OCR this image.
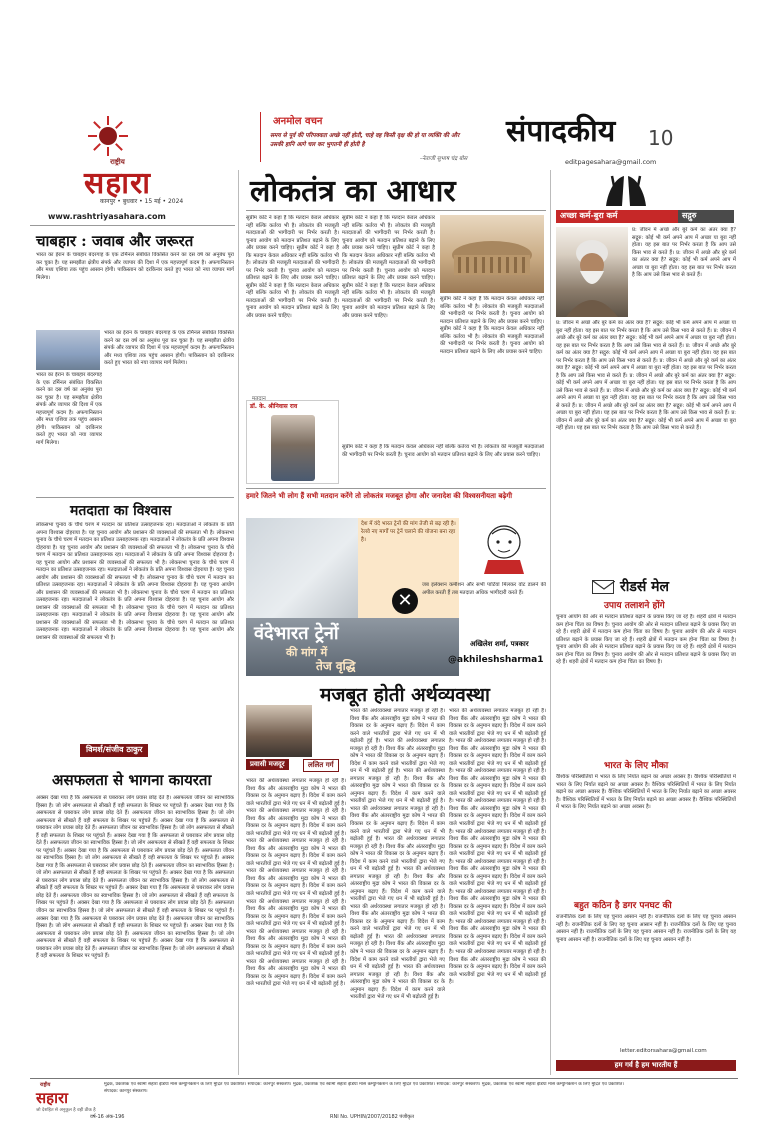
राष्ट्रीय
सहारा
कानपुर • बुधवार • 15 मई • 2024
www.rashtriyasahara.com
अनमोल वचन
समय से पूर्व की परिपक्वता अच्छे नहीं होती, चाहे वह किसी वृक्ष की हो या व्यक्ति की और उसकी हानि आगे चल कर भुगतनी ही होती है
-नेताजी सुभाष चंद्र बोस
संपादकीय 10
editpagesahara@gmail.com
चाबहार : जवाब और जरूरत
भारत का ईरान के चाबहार बंदरगाह के एक टर्मिनल संबंधित विकसित करने का दस वर्ष का अनुबंध पूरा कर चुका है। यह समझौता क्षेत्रीय संपर्क और व्यापार की दिशा में एक महत्त्वपूर्ण कदम है। अफगानिस्तान और मध्य एशिया तक पहुंच आसान होगी। पाकिस्तान को दरकिनार करते हुए भारत को नया व्यापार मार्ग मिलेगा।
भारत का ईरान के चाबहार बंदरगाह के एक टर्मिनल संबंधित विकसित करने का दस वर्ष का अनुबंध पूरा कर चुका है। यह समझौता क्षेत्रीय संपर्क और व्यापार की दिशा में एक महत्त्वपूर्ण कदम है। अफगानिस्तान और मध्य एशिया तक पहुंच आसान होगी। पाकिस्तान को दरकिनार करते हुए भारत को नया व्यापार मार्ग मिलेगा।
भारत का ईरान के चाबहार बंदरगाह के एक टर्मिनल संबंधित विकसित करने का दस वर्ष का अनुबंध पूरा कर चुका है। यह समझौता क्षेत्रीय संपर्क और व्यापार की दिशा में एक महत्त्वपूर्ण कदम है। अफगानिस्तान और मध्य एशिया तक पहुंच आसान होगी। पाकिस्तान को दरकिनार करते हुए भारत को नया व्यापार मार्ग मिलेगा।
मतदाता का विश्वास
लोकसभा चुनाव के चौथे चरण में मतदान का प्रतिशत उत्साहजनक रहा। मतदाताओं ने लोकतंत्र के प्रति अपना विश्वास दोहराया है। यह चुनाव आयोग और प्रशासन की व्यवस्थाओं की सफलता भी है। लोकसभा चुनाव के चौथे चरण में मतदान का प्रतिशत उत्साहजनक रहा। मतदाताओं ने लोकतंत्र के प्रति अपना विश्वास दोहराया है। यह चुनाव आयोग और प्रशासन की व्यवस्थाओं की सफलता भी है। लोकसभा चुनाव के चौथे चरण में मतदान का प्रतिशत उत्साहजनक रहा। मतदाताओं ने लोकतंत्र के प्रति अपना विश्वास दोहराया है। यह चुनाव आयोग और प्रशासन की व्यवस्थाओं की सफलता भी है। लोकसभा चुनाव के चौथे चरण में मतदान का प्रतिशत उत्साहजनक रहा। मतदाताओं ने लोकतंत्र के प्रति अपना विश्वास दोहराया है। यह चुनाव आयोग और प्रशासन की व्यवस्थाओं की सफलता भी है। लोकसभा चुनाव के चौथे चरण में मतदान का प्रतिशत उत्साहजनक रहा। मतदाताओं ने लोकतंत्र के प्रति अपना विश्वास दोहराया है। यह चुनाव आयोग और प्रशासन की व्यवस्थाओं की सफलता भी है। लोकसभा चुनाव के चौथे चरण में मतदान का प्रतिशत उत्साहजनक रहा। मतदाताओं ने लोकतंत्र के प्रति अपना विश्वास दोहराया है। यह चुनाव आयोग और प्रशासन की व्यवस्थाओं की सफलता भी है। लोकसभा चुनाव के चौथे चरण में मतदान का प्रतिशत उत्साहजनक रहा। मतदाताओं ने लोकतंत्र के प्रति अपना विश्वास दोहराया है। यह चुनाव आयोग और प्रशासन की व्यवस्थाओं की सफलता भी है। लोकसभा चुनाव के चौथे चरण में मतदान का प्रतिशत उत्साहजनक रहा। मतदाताओं ने लोकतंत्र के प्रति अपना विश्वास दोहराया है। यह चुनाव आयोग और प्रशासन की व्यवस्थाओं की सफलता भी है।
विमर्श/संजीव ठाकुर
असफलता से भागना कायरता
अक्सर देखा गया है कि असफलता से घबराकर लोग प्रयास छोड़ देते हैं। असफलता जीवन का स्वाभाविक हिस्सा है। जो लोग असफलता से सीखते हैं वही सफलता के शिखर पर पहुंचते हैं। अक्सर देखा गया है कि असफलता से घबराकर लोग प्रयास छोड़ देते हैं। असफलता जीवन का स्वाभाविक हिस्सा है। जो लोग असफलता से सीखते हैं वही सफलता के शिखर पर पहुंचते हैं। अक्सर देखा गया है कि असफलता से घबराकर लोग प्रयास छोड़ देते हैं। असफलता जीवन का स्वाभाविक हिस्सा है। जो लोग असफलता से सीखते हैं वही सफलता के शिखर पर पहुंचते हैं। अक्सर देखा गया है कि असफलता से घबराकर लोग प्रयास छोड़ देते हैं। असफलता जीवन का स्वाभाविक हिस्सा है। जो लोग असफलता से सीखते हैं वही सफलता के शिखर पर पहुंचते हैं। अक्सर देखा गया है कि असफलता से घबराकर लोग प्रयास छोड़ देते हैं। असफलता जीवन का स्वाभाविक हिस्सा है। जो लोग असफलता से सीखते हैं वही सफलता के शिखर पर पहुंचते हैं। अक्सर देखा गया है कि असफलता से घबराकर लोग प्रयास छोड़ देते हैं। असफलता जीवन का स्वाभाविक हिस्सा है। जो लोग असफलता से सीखते हैं वही सफलता के शिखर पर पहुंचते हैं। अक्सर देखा गया है कि असफलता से घबराकर लोग प्रयास छोड़ देते हैं। असफलता जीवन का स्वाभाविक हिस्सा है। जो लोग असफलता से सीखते हैं वही सफलता के शिखर पर पहुंचते हैं। अक्सर देखा गया है कि असफलता से घबराकर लोग प्रयास छोड़ देते हैं। असफलता जीवन का स्वाभाविक हिस्सा है। जो लोग असफलता से सीखते हैं वही सफलता के शिखर पर पहुंचते हैं। अक्सर देखा गया है कि असफलता से घबराकर लोग प्रयास छोड़ देते हैं। असफलता जीवन का स्वाभाविक हिस्सा है। जो लोग असफलता से सीखते हैं वही सफलता के शिखर पर पहुंचते हैं। अक्सर देखा गया है कि असफलता से घबराकर लोग प्रयास छोड़ देते हैं। असफलता जीवन का स्वाभाविक हिस्सा है। जो लोग असफलता से सीखते हैं वही सफलता के शिखर पर पहुंचते हैं। अक्सर देखा गया है कि असफलता से घबराकर लोग प्रयास छोड़ देते हैं। असफलता जीवन का स्वाभाविक हिस्सा है। जो लोग असफलता से सीखते हैं वही सफलता के शिखर पर पहुंचते हैं। अक्सर देखा गया है कि असफलता से घबराकर लोग प्रयास छोड़ देते हैं। असफलता जीवन का स्वाभाविक हिस्सा है। जो लोग असफलता से सीखते हैं वही सफलता के शिखर पर पहुंचते हैं।
लोकतंत्र का आधार
सुप्रीम कोर्ट ने कहा है कि मतदान केवल अधिकार नहीं बल्कि कर्तव्य भी है। लोकतंत्र की मजबूती मतदाताओं की भागीदारी पर निर्भर करती है। चुनाव आयोग को मतदान प्रतिशत बढ़ाने के लिए और प्रयास करने चाहिए। सुप्रीम कोर्ट ने कहा है कि मतदान केवल अधिकार नहीं बल्कि कर्तव्य भी है। लोकतंत्र की मजबूती मतदाताओं की भागीदारी पर निर्भर करती है। चुनाव आयोग को मतदान प्रतिशत बढ़ाने के लिए और प्रयास करने चाहिए। सुप्रीम कोर्ट ने कहा है कि मतदान केवल अधिकार नहीं बल्कि कर्तव्य भी है। लोकतंत्र की मजबूती मतदाताओं की भागीदारी पर निर्भर करती है। चुनाव आयोग को मतदान प्रतिशत बढ़ाने के लिए और प्रयास करने चाहिए।
मतदान
सुप्रीम कोर्ट ने कहा है कि मतदान केवल अधिकार नहीं बल्कि कर्तव्य भी है। लोकतंत्र की मजबूती मतदाताओं की भागीदारी पर निर्भर करती है। चुनाव आयोग को मतदान प्रतिशत बढ़ाने के लिए और प्रयास करने चाहिए। सुप्रीम कोर्ट ने कहा है कि मतदान केवल अधिकार नहीं बल्कि कर्तव्य भी है। लोकतंत्र की मजबूती मतदाताओं की भागीदारी पर निर्भर करती है। चुनाव आयोग को मतदान प्रतिशत बढ़ाने के लिए और प्रयास करने चाहिए। सुप्रीम कोर्ट ने कहा है कि मतदान केवल अधिकार नहीं बल्कि कर्तव्य भी है। लोकतंत्र की मजबूती मतदाताओं की भागीदारी पर निर्भर करती है। चुनाव आयोग को मतदान प्रतिशत बढ़ाने के लिए और प्रयास करने चाहिए।
सुप्रीम कोर्ट ने कहा है कि मतदान केवल अधिकार नहीं बल्कि कर्तव्य भी है। लोकतंत्र की मजबूती मतदाताओं की भागीदारी पर निर्भर करती है। चुनाव आयोग को मतदान प्रतिशत बढ़ाने के लिए और प्रयास करने चाहिए। सुप्रीम कोर्ट ने कहा है कि मतदान केवल अधिकार नहीं बल्कि कर्तव्य भी है। लोकतंत्र की मजबूती मतदाताओं की भागीदारी पर निर्भर करती है। चुनाव आयोग को मतदान प्रतिशत बढ़ाने के लिए और प्रयास करने चाहिए।
डॉ. के. श्रीनिवास राव
सुप्रीम कोर्ट ने कहा है कि मतदान केवल अधिकार नहीं बल्कि कर्तव्य भी है। लोकतंत्र की मजबूती मतदाताओं की भागीदारी पर निर्भर करती है। चुनाव आयोग को मतदान प्रतिशत बढ़ाने के लिए और प्रयास करने चाहिए।
हमारे जितने भी लोग हैं सभी मतदान करेंगे तो लोकतंत्र मजबूत होगा और जनादेश की विश्वसनीयता बढ़ेगी
देश में वंदे भारत ट्रेनों की मांग तेजी से बढ़ रही है। रेलवे नए मार्गों पर ट्रेनें चलाने की योजना बना रहा है।
वंदेभारत ट्रेनों
की मांग में
तेज वृद्धि
✕
जब इलेक्शन कमीशन और सभी पार्टियां मिलकर वोट डालने की अपील करती हैं तब मतदाता अधिक भागीदारी करते हैं।
अखिलेश शर्मा, पत्रकार
@akhileshsharma1
मजबूत होती अर्थव्यवस्था
प्रवासी मजदूर	ललित गर्ग
भारत की अर्थव्यवस्था लगातार मजबूत हो रही है। विश्व बैंक और अंतरराष्ट्रीय मुद्रा कोष ने भारत की विकास दर के अनुमान बढ़ाए हैं। विदेश में काम करने वाले भारतीयों द्वारा भेजे गए धन में भी बढ़ोतरी हुई है। भारत की अर्थव्यवस्था लगातार मजबूत हो रही है। विश्व बैंक और अंतरराष्ट्रीय मुद्रा कोष ने भारत की विकास दर के अनुमान बढ़ाए हैं। विदेश में काम करने वाले भारतीयों द्वारा भेजे गए धन में भी बढ़ोतरी हुई है। भारत की अर्थव्यवस्था लगातार मजबूत हो रही है। विश्व बैंक और अंतरराष्ट्रीय मुद्रा कोष ने भारत की विकास दर के अनुमान बढ़ाए हैं। विदेश में काम करने वाले भारतीयों द्वारा भेजे गए धन में भी बढ़ोतरी हुई है। भारत की अर्थव्यवस्था लगातार मजबूत हो रही है। विश्व बैंक और अंतरराष्ट्रीय मुद्रा कोष ने भारत की विकास दर के अनुमान बढ़ाए हैं। विदेश में काम करने वाले भारतीयों द्वारा भेजे गए धन में भी बढ़ोतरी हुई है। भारत की अर्थव्यवस्था लगातार मजबूत हो रही है। विश्व बैंक और अंतरराष्ट्रीय मुद्रा कोष ने भारत की विकास दर के अनुमान बढ़ाए हैं। विदेश में काम करने वाले भारतीयों द्वारा भेजे गए धन में भी बढ़ोतरी हुई है। भारत की अर्थव्यवस्था लगातार मजबूत हो रही है। विश्व बैंक और अंतरराष्ट्रीय मुद्रा कोष ने भारत की विकास दर के अनुमान बढ़ाए हैं। विदेश में काम करने वाले भारतीयों द्वारा भेजे गए धन में भी बढ़ोतरी हुई है। भारत की अर्थव्यवस्था लगातार मजबूत हो रही है। विश्व बैंक और अंतरराष्ट्रीय मुद्रा कोष ने भारत की विकास दर के अनुमान बढ़ाए हैं। विदेश में काम करने वाले भारतीयों द्वारा भेजे गए धन में भी बढ़ोतरी हुई है।
भारत की अर्थव्यवस्था लगातार मजबूत हो रही है। विश्व बैंक और अंतरराष्ट्रीय मुद्रा कोष ने भारत की विकास दर के अनुमान बढ़ाए हैं। विदेश में काम करने वाले भारतीयों द्वारा भेजे गए धन में भी बढ़ोतरी हुई है। भारत की अर्थव्यवस्था लगातार मजबूत हो रही है। विश्व बैंक और अंतरराष्ट्रीय मुद्रा कोष ने भारत की विकास दर के अनुमान बढ़ाए हैं। विदेश में काम करने वाले भारतीयों द्वारा भेजे गए धन में भी बढ़ोतरी हुई है। भारत की अर्थव्यवस्था लगातार मजबूत हो रही है। विश्व बैंक और अंतरराष्ट्रीय मुद्रा कोष ने भारत की विकास दर के अनुमान बढ़ाए हैं। विदेश में काम करने वाले भारतीयों द्वारा भेजे गए धन में भी बढ़ोतरी हुई है। भारत की अर्थव्यवस्था लगातार मजबूत हो रही है। विश्व बैंक और अंतरराष्ट्रीय मुद्रा कोष ने भारत की विकास दर के अनुमान बढ़ाए हैं। विदेश में काम करने वाले भारतीयों द्वारा भेजे गए धन में भी बढ़ोतरी हुई है। भारत की अर्थव्यवस्था लगातार मजबूत हो रही है। विश्व बैंक और अंतरराष्ट्रीय मुद्रा कोष ने भारत की विकास दर के अनुमान बढ़ाए हैं। विदेश में काम करने वाले भारतीयों द्वारा भेजे गए धन में भी बढ़ोतरी हुई है। भारत की अर्थव्यवस्था लगातार मजबूत हो रही है। विश्व बैंक और अंतरराष्ट्रीय मुद्रा कोष ने भारत की विकास दर के अनुमान बढ़ाए हैं। विदेश में काम करने वाले भारतीयों द्वारा भेजे गए धन में भी बढ़ोतरी हुई है। भारत की अर्थव्यवस्था लगातार मजबूत हो रही है। विश्व बैंक और अंतरराष्ट्रीय मुद्रा कोष ने भारत की विकास दर के अनुमान बढ़ाए हैं। विदेश में काम करने वाले भारतीयों द्वारा भेजे गए धन में भी बढ़ोतरी हुई है। भारत की अर्थव्यवस्था लगातार मजबूत हो रही है। विश्व बैंक और अंतरराष्ट्रीय मुद्रा कोष ने भारत की विकास दर के अनुमान बढ़ाए हैं। विदेश में काम करने वाले भारतीयों द्वारा भेजे गए धन में भी बढ़ोतरी हुई है। भारत की अर्थव्यवस्था लगातार मजबूत हो रही है। विश्व बैंक और अंतरराष्ट्रीय मुद्रा कोष ने भारत की विकास दर के अनुमान बढ़ाए हैं। विदेश में काम करने वाले भारतीयों द्वारा भेजे गए धन में भी बढ़ोतरी हुई है।
भारत की अर्थव्यवस्था लगातार मजबूत हो रही है। विश्व बैंक और अंतरराष्ट्रीय मुद्रा कोष ने भारत की विकास दर के अनुमान बढ़ाए हैं। विदेश में काम करने वाले भारतीयों द्वारा भेजे गए धन में भी बढ़ोतरी हुई है। भारत की अर्थव्यवस्था लगातार मजबूत हो रही है। विश्व बैंक और अंतरराष्ट्रीय मुद्रा कोष ने भारत की विकास दर के अनुमान बढ़ाए हैं। विदेश में काम करने वाले भारतीयों द्वारा भेजे गए धन में भी बढ़ोतरी हुई है। भारत की अर्थव्यवस्था लगातार मजबूत हो रही है। विश्व बैंक और अंतरराष्ट्रीय मुद्रा कोष ने भारत की विकास दर के अनुमान बढ़ाए हैं। विदेश में काम करने वाले भारतीयों द्वारा भेजे गए धन में भी बढ़ोतरी हुई है। भारत की अर्थव्यवस्था लगातार मजबूत हो रही है। विश्व बैंक और अंतरराष्ट्रीय मुद्रा कोष ने भारत की विकास दर के अनुमान बढ़ाए हैं। विदेश में काम करने वाले भारतीयों द्वारा भेजे गए धन में भी बढ़ोतरी हुई है। भारत की अर्थव्यवस्था लगातार मजबूत हो रही है। विश्व बैंक और अंतरराष्ट्रीय मुद्रा कोष ने भारत की विकास दर के अनुमान बढ़ाए हैं। विदेश में काम करने वाले भारतीयों द्वारा भेजे गए धन में भी बढ़ोतरी हुई है। भारत की अर्थव्यवस्था लगातार मजबूत हो रही है। विश्व बैंक और अंतरराष्ट्रीय मुद्रा कोष ने भारत की विकास दर के अनुमान बढ़ाए हैं। विदेश में काम करने वाले भारतीयों द्वारा भेजे गए धन में भी बढ़ोतरी हुई है। भारत की अर्थव्यवस्था लगातार मजबूत हो रही है। विश्व बैंक और अंतरराष्ट्रीय मुद्रा कोष ने भारत की विकास दर के अनुमान बढ़ाए हैं। विदेश में काम करने वाले भारतीयों द्वारा भेजे गए धन में भी बढ़ोतरी हुई है। भारत की अर्थव्यवस्था लगातार मजबूत हो रही है। विश्व बैंक और अंतरराष्ट्रीय मुद्रा कोष ने भारत की विकास दर के अनुमान बढ़ाए हैं। विदेश में काम करने वाले भारतीयों द्वारा भेजे गए धन में भी बढ़ोतरी हुई है। भारत की अर्थव्यवस्था लगातार मजबूत हो रही है। विश्व बैंक और अंतरराष्ट्रीय मुद्रा कोष ने भारत की विकास दर के अनुमान बढ़ाए हैं। विदेश में काम करने वाले भारतीयों द्वारा भेजे गए धन में भी बढ़ोतरी हुई है।
अच्छा कर्म-बुरा कर्म	सद्गुरु
प्र: जीवन में अच्छे और बुरे कर्म का अंतर क्या है? सद्गुरु: कोई भी कर्म अपने आप में अच्छा या बुरा नहीं होता। यह इस बात पर निर्भर करता है कि आप उसे किस भाव से करते हैं। प्र: जीवन में अच्छे और बुरे कर्म का अंतर क्या है? सद्गुरु: कोई भी कर्म अपने आप में अच्छा या बुरा नहीं होता। यह इस बात पर निर्भर करता है कि आप उसे किस भाव से करते हैं।
प्र: जीवन में अच्छे और बुरे कर्म का अंतर क्या है? सद्गुरु: कोई भी कर्म अपने आप में अच्छा या बुरा नहीं होता। यह इस बात पर निर्भर करता है कि आप उसे किस भाव से करते हैं। प्र: जीवन में अच्छे और बुरे कर्म का अंतर क्या है? सद्गुरु: कोई भी कर्म अपने आप में अच्छा या बुरा नहीं होता। यह इस बात पर निर्भर करता है कि आप उसे किस भाव से करते हैं। प्र: जीवन में अच्छे और बुरे कर्म का अंतर क्या है? सद्गुरु: कोई भी कर्म अपने आप में अच्छा या बुरा नहीं होता। यह इस बात पर निर्भर करता है कि आप उसे किस भाव से करते हैं। प्र: जीवन में अच्छे और बुरे कर्म का अंतर क्या है? सद्गुरु: कोई भी कर्म अपने आप में अच्छा या बुरा नहीं होता। यह इस बात पर निर्भर करता है कि आप उसे किस भाव से करते हैं। प्र: जीवन में अच्छे और बुरे कर्म का अंतर क्या है? सद्गुरु: कोई भी कर्म अपने आप में अच्छा या बुरा नहीं होता। यह इस बात पर निर्भर करता है कि आप उसे किस भाव से करते हैं। प्र: जीवन में अच्छे और बुरे कर्म का अंतर क्या है? सद्गुरु: कोई भी कर्म अपने आप में अच्छा या बुरा नहीं होता। यह इस बात पर निर्भर करता है कि आप उसे किस भाव से करते हैं। प्र: जीवन में अच्छे और बुरे कर्म का अंतर क्या है? सद्गुरु: कोई भी कर्म अपने आप में अच्छा या बुरा नहीं होता। यह इस बात पर निर्भर करता है कि आप उसे किस भाव से करते हैं। प्र: जीवन में अच्छे और बुरे कर्म का अंतर क्या है? सद्गुरु: कोई भी कर्म अपने आप में अच्छा या बुरा नहीं होता। यह इस बात पर निर्भर करता है कि आप उसे किस भाव से करते हैं।
रीडर्स मेल
उपाय तलाशने होंगे
चुनाव आयोग की ओर से मतदान प्रतिशत बढ़ाने के प्रयास किए जा रहे हैं। शहरी क्षेत्रों में मतदान कम होना चिंता का विषय है। चुनाव आयोग की ओर से मतदान प्रतिशत बढ़ाने के प्रयास किए जा रहे हैं। शहरी क्षेत्रों में मतदान कम होना चिंता का विषय है। चुनाव आयोग की ओर से मतदान प्रतिशत बढ़ाने के प्रयास किए जा रहे हैं। शहरी क्षेत्रों में मतदान कम होना चिंता का विषय है। चुनाव आयोग की ओर से मतदान प्रतिशत बढ़ाने के प्रयास किए जा रहे हैं। शहरी क्षेत्रों में मतदान कम होना चिंता का विषय है। चुनाव आयोग की ओर से मतदान प्रतिशत बढ़ाने के प्रयास किए जा रहे हैं। शहरी क्षेत्रों में मतदान कम होना चिंता का विषय है।
भारत के लिए मौका
वैश्विक परिस्थितियों में भारत के लिए निर्यात बढ़ाने का अच्छा अवसर है। वैश्विक परिस्थितियों में भारत के लिए निर्यात बढ़ाने का अच्छा अवसर है। वैश्विक परिस्थितियों में भारत के लिए निर्यात बढ़ाने का अच्छा अवसर है। वैश्विक परिस्थितियों में भारत के लिए निर्यात बढ़ाने का अच्छा अवसर है। वैश्विक परिस्थितियों में भारत के लिए निर्यात बढ़ाने का अच्छा अवसर है। वैश्विक परिस्थितियों में भारत के लिए निर्यात बढ़ाने का अच्छा अवसर है।
बहुत कठिन है डगर पनघट की
राजनीतिक दलों के लिए यह चुनाव आसान नहीं है। राजनीतिक दलों के लिए यह चुनाव आसान नहीं है। राजनीतिक दलों के लिए यह चुनाव आसान नहीं है। राजनीतिक दलों के लिए यह चुनाव आसान नहीं है। राजनीतिक दलों के लिए यह चुनाव आसान नहीं है। राजनीतिक दलों के लिए यह चुनाव आसान नहीं है। राजनीतिक दलों के लिए यह चुनाव आसान नहीं है।
letter.editorsahara@gmail.com
हम गर्व है हम भारतीय हैं
राष्ट्रीय
सहारा
जो देशहित से अनुकूल है वही ठीक है
मुद्रक, प्रकाशक एवं स्वामी सहारा इंडिया मास कम्युनिकेशन के लिए मुद्रित एवं प्रकाशित। संपादक: कानपुर संस्करण। मुद्रक, प्रकाशक एवं स्वामी सहारा इंडिया मास कम्युनिकेशन के लिए मुद्रित एवं प्रकाशित। संपादक: कानपुर संस्करण। मुद्रक, प्रकाशक एवं स्वामी सहारा इंडिया मास कम्युनिकेशन के लिए मुद्रित एवं प्रकाशित। संपादक: कानपुर संस्करण।
वर्ष-16 अंक-196	RNI No. UPHIN/2007/20182 पंजीकृत
